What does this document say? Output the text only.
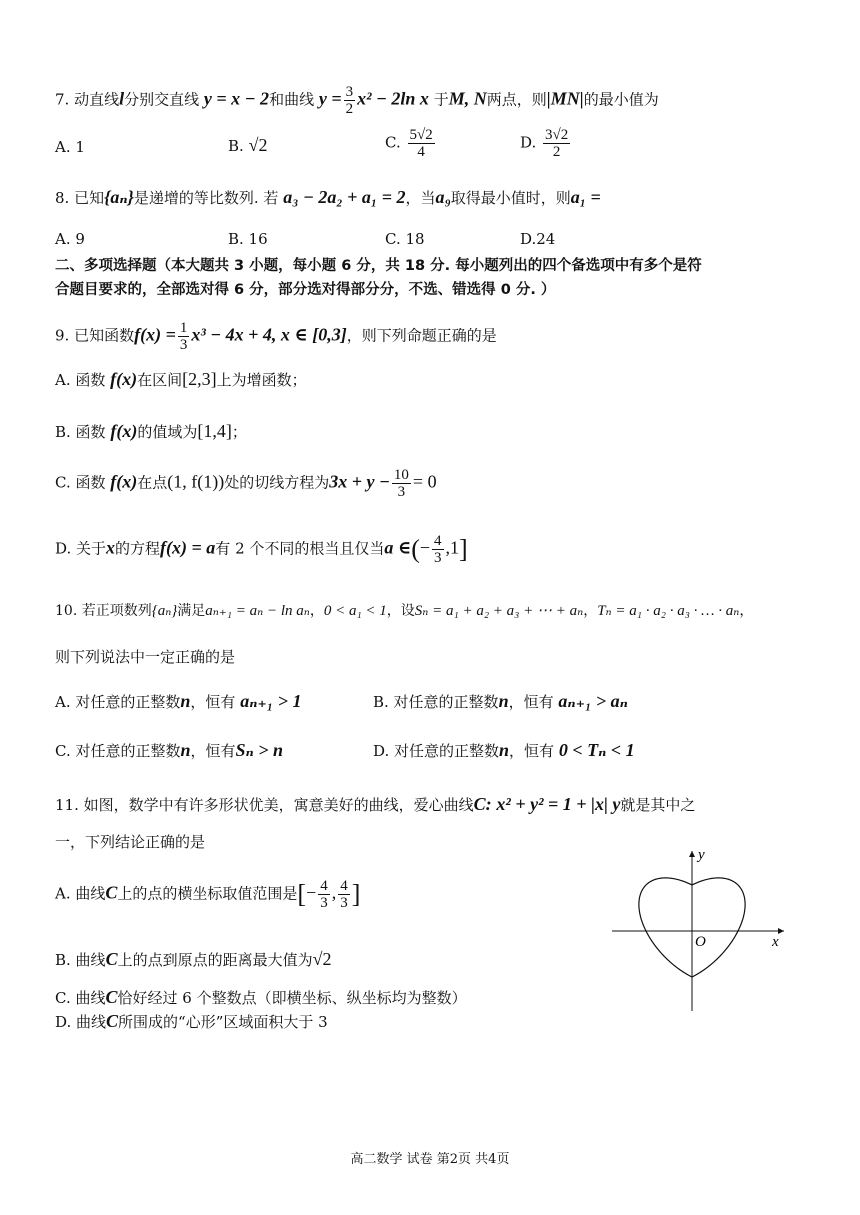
7. 动直线l分别交直线 y = x − 2和曲线 $y = \frac{3}{2} x^2 - 2\ln$ x 于M, N两点，则|MN|的最小值为
A. 1	B. √2	C. $\frac{5√2}{4}$	D. $\frac{3√2}{2}$
8. 已知{aₙ}是递增的等比数列. 若 a₃ − 2a₂ + a₁ = 2，当a₉取得最小值时，则a₁ =
A. 9	B. 16	C. 18	D.24
二、多项选择题（本大题共 3 小题，每小题 6 分，共 18 分. 每小题列出的四个备选项中有多个是符
合题目要求的，全部选对得 6 分，部分选对得部分分，不选、错选得 0 分. ）
9. 已知函数$f(x) = \frac{1}{3} x^3 - 4x + 4$, x ∈ [0,3]，则下列命题正确的是
A. 函数 f(x)在区间[2,3]上为增函数；
B. 函数 f(x)的值域为[1,4]；
C. 函数 f(x)在点(1, f(1))处的切线方程为$3x + y - \frac{10}{3} = 0$
D. 关于x的方程f(x) = a有 2 个不同的根当且仅当a ∈(− $\frac{4}{3} ,1$]
10. 若正项数列{aₙ}满足aₙ₊₁ = aₙ − ln aₙ，0 < a₁ < 1，设Sₙ = a₁ + a₂ + a₃ + ⋯ + aₙ，Tₙ = a₁ · a₂ · a₃ · … · aₙ，
则下列说法中一定正确的是
A. 对任意的正整数n，恒有 aₙ₊₁ > 1	B. 对任意的正整数n，恒有 aₙ₊₁ > aₙ
C. 对任意的正整数n，恒有Sₙ > n	D. 对任意的正整数n，恒有 0 < Tₙ < 1
11. 如图，数学中有许多形状优美，寓意美好的曲线，爱心曲线C: x² + y² = 1 + |x| y就是其中之
一，下列结论正确的是
A. 曲线C上的点的横坐标取值范围是[− $\frac{4}{3}$ , $\frac{4}{3}$ ]
B. 曲线C上的点到原点的距离最大值为√2
C. 曲线C恰好经过 6 个整数点（即横坐标、纵坐标均为整数）
D. 曲线C所围成的“心形”区域面积大于 3
y
x
O
高二数学 试卷 第2页 共4页
